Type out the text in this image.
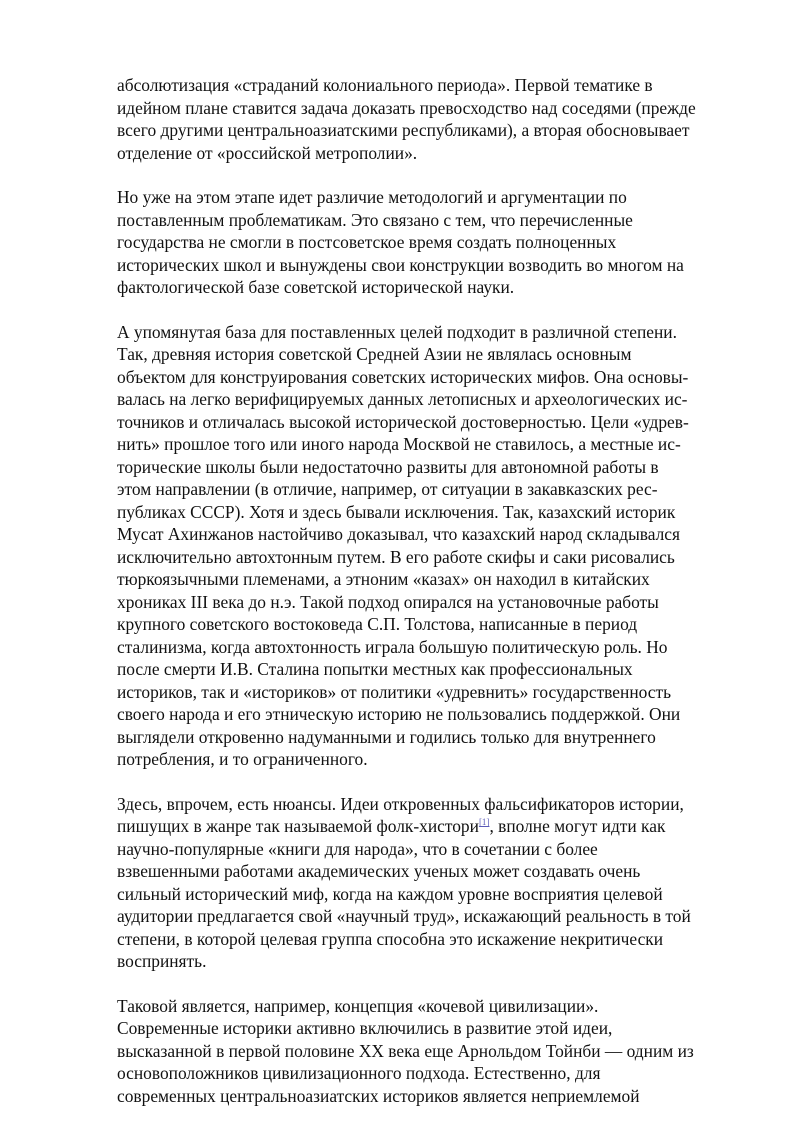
абсолютизация «страданий колониального периода». Первой тематике в
идейном плане ставится задача доказать превосходство над соседями (прежде
всего другими центральноазиатскими республиками), а вторая обосновывает
отделение от «российской метрополии».

Но уже на этом этапе идет различие методологий и аргументации по
поставленным проблематикам. Это связано с тем, что перечисленные
государства не смогли в постсоветское время создать полноценных
исторических школ и вынуждены свои конструкции возводить во многом на
фактологической базе советской исторической науки.

А упомянутая база для поставленных целей подходит в различной степени.
Так, древняя история советской Средней Азии не являлась основным
объектом для конструирования советских исторических мифов. Она основы-
валась на легко верифицируемых данных летописных и археологических ис-
точников и отличалась высокой исторической достоверностью. Цели «удрев-
нить» прошлое того или иного народа Москвой не ставилось, а местные ис-
торические школы были недостаточно развиты для автономной работы в
этом направлении (в отличие, например, от ситуации в закавказских рес-
публиках СССР). Хотя и здесь бывали исключения. Так, казахский историк
Мусат Ахинжанов настойчиво доказывал, что казахский народ складывался
исключительно автохтонным путем. В его работе скифы и саки рисовались
тюркоязычными племенами, а этноним «казах» он находил в китайских
хрониках III века до н.э. Такой подход опирался на установочные работы
крупного советского востоковеда С.П. Толстова, написанные в период
сталинизма, когда автохтонность играла большую политическую роль. Но
после смерти И.В. Сталина попытки местных как профессиональных
историков, так и «историков» от политики «удревнить» государственность
своего народа и его этническую историю не пользовались поддержкой. Они
выглядели откровенно надуманными и годились только для внутреннего
потребления, и то ограниченного.

Здесь, впрочем, есть нюансы. Идеи откровенных фальсификаторов истории,
пишущих в жанре так называемой фолк-хистори[1], вполне могут идти как
научно-популярные «книги для народа», что в сочетании с более
взвешенными работами академических ученых может создавать очень
сильный исторический миф, когда на каждом уровне восприятия целевой
аудитории предлагается свой «научный труд», искажающий реальность в той
степени, в которой целевая группа способна это искажение некритически
воспринять.

Таковой является, например, концепция «кочевой цивилизации».
Современные историки активно включились в развитие этой идеи,
высказанной в первой половине XX века еще Арнольдом Тойнби — одним из
основоположников цивилизационного подхода. Естественно, для
современных центральноазиатских историков является неприемлемой
